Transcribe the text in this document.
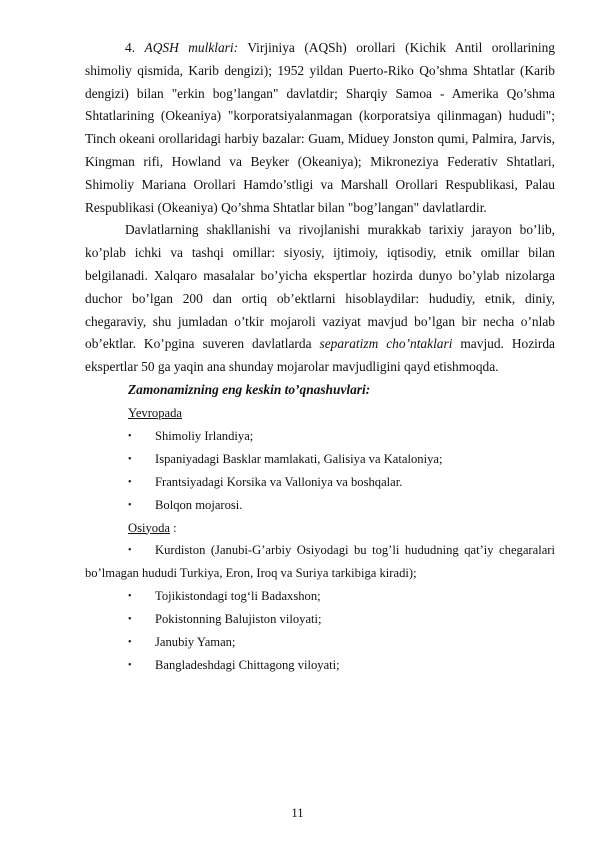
4. AQSH mulklari: Virjiniya (AQSh) orollari (Kichik Antil orollarining shimoliy qismida, Karib dengizi); 1952 yildan Puerto-Riko Qo’shma Shtatlar (Karib dengizi) bilan "erkin bog’langan" davlatdir; Sharqiy Samoa - Amerika Qo’shma Shtatlarining (Okeaniya) "korporatsiyalanmagan (korporatsiya qilinmagan) hududi"; Tinch okeani orollaridagi harbiy bazalar: Guam, Miduey Jonston qumi, Palmira, Jarvis, Kingman rifi, Howland va Beyker (Okeaniya); Mikroneziya Federativ Shtatlari, Shimoliy Mariana Orollari Hamdo’stligi va Marshall Orollari Respublikasi, Palau Respublikasi (Okeaniya) Qo’shma Shtatlar bilan "bog’langan" davlatlardir.

Davlatlarning shakllanishi va rivojlanishi murakkab tarixiy jarayon bo’lib, ko’plab ichki va tashqi omillar: siyosiy, ijtimoiy, iqtisodiy, etnik omillar bilan belgilanadi. Xalqaro masalalar bo’yicha ekspertlar hozirda dunyo bo’ylab nizolarga duchor bo’lgan 200 dan ortiq ob’ektlarni hisoblaydilar: hududiy, etnik, diniy, chegaraviy, shu jumladan o’tkir mojaroli vaziyat mavjud bo’lgan bir necha o’nlab ob’ektlar. Ko’pgina suveren davlatlarda separatizm cho’ntaklari mavjud. Hozirda ekspertlar 50 ga yaqin ana shunday mojarolar mavjudligini qayd etishmoqda.

Zamonamizning eng keskin to’qnashuvlari:

Yevropada

• Shimoliy Irlandiya;
• Ispaniyadagi Basklar mamlakati, Galisiya va Kataloniya;
• Frantsiyadagi Korsika va Valloniya va boshqalar.
• Bolqon mojarosi.

Osiyoda :

• Kurdiston (Janubi-G’arbiy Osiyodagi bu tog’li hududning qat’iy chegaralari bo’lmagan hududi Turkiya, Eron, Iroq va Suriya tarkibiga kiradi);
• Tojikistondagi tog‘li Badaxshon;
• Pokistonning Balujiston viloyati;
• Janubiy Yaman;
• Bangladeshdagi Chittagong viloyati;
11
